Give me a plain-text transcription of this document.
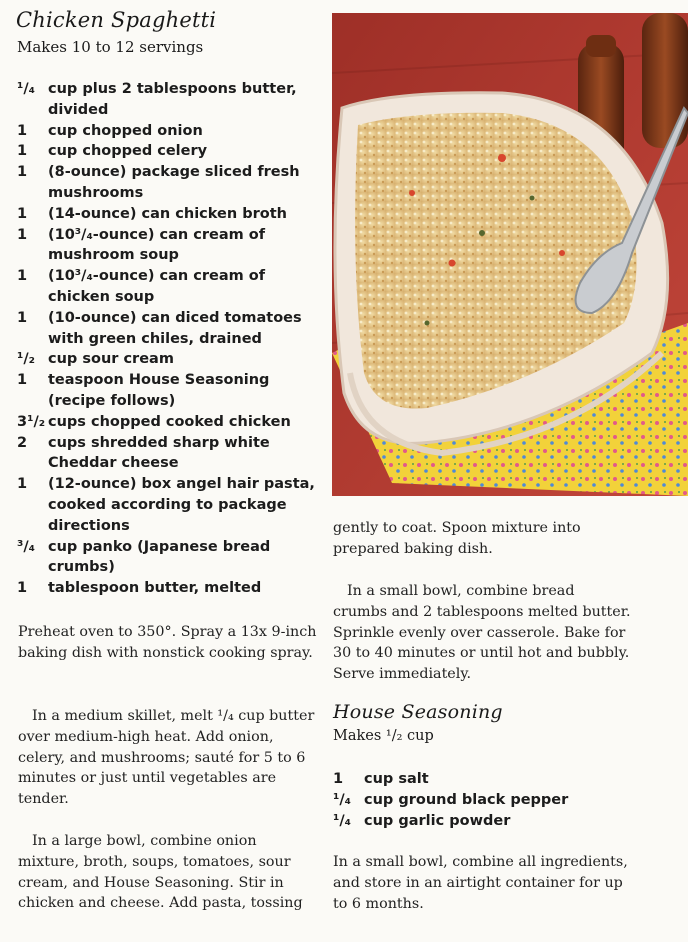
Chicken Spaghetti
Makes 10 to 12 servings
¹/₄ cup plus 2 tablespoons butter, divided
1	cup chopped onion
1	cup chopped celery
1	(8-ounce) package sliced fresh mushrooms
1	(14-ounce) can chicken broth
1	(10³/₄-ounce) can cream of mushroom soup
1	(10³/₄-ounce) can cream of chicken soup
1	(10-ounce) can diced tomatoes with green chiles, drained
¹/₂ cup sour cream
1	teaspoon House Seasoning (recipe follows)
3¹/₂ cups chopped cooked chicken
2	cups shredded sharp white Cheddar cheese
1	(12-ounce) box angel hair pasta, cooked according to package directions
³/₄ cup panko (Japanese bread crumbs)
1	tablespoon butter, melted

Preheat oven to 350°. Spray a 13x 9-inch baking dish with nonstick cooking spray.

In a medium skillet, melt ¹/₄ cup butter over medium-high heat. Add onion, celery, and mushrooms; sauté for 5 to 6 minutes or just until vegetables are tender.

In a large bowl, combine onion mixture, broth, soups, tomatoes, sour cream, and House Seasoning. Stir in chicken and cheese. Add pasta, tossing

gently to coat. Spoon mixture into prepared baking dish.

In a small bowl, combine bread crumbs and 2 tablespoons melted butter. Sprinkle evenly over casserole. Bake for 30 to 40 minutes or until hot and bubbly. Serve immediately.

House Seasoning
Makes ¹/₂ cup
1	cup salt
¹/₄ cup ground black pepper
¹/₄ cup garlic powder

In a small bowl, combine all ingredients, and store in an airtight container for up to 6 months.
